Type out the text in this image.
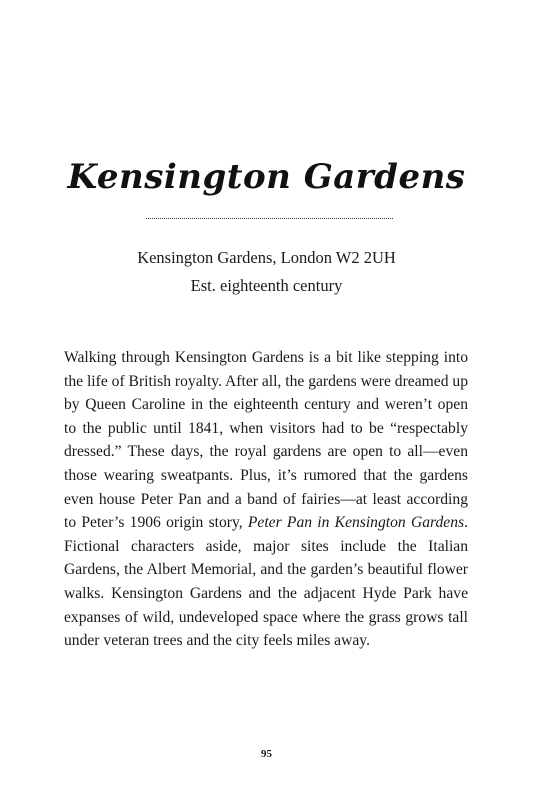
Kensington Gardens
Kensington Gardens, London W2 2UH
Est. eighteenth century

Walking through Kensington Gardens is a bit like stepping into the life of British royalty. After all, the gardens were dreamed up by Queen Caroline in the eighteenth century and weren’t open to the public until 1841, when visitors had to be “respectably dressed.” These days, the royal gardens are open to all—even those wearing sweatpants. Plus, it’s rumored that the gardens even house Peter Pan and a band of fairies—at least according to Peter’s 1906 origin story, Peter Pan in Kensington Gardens. Fictional characters aside, major sites include the Italian Gardens, the Albert Memorial, and the garden’s beautiful flower walks. Kensington Gardens and the adjacent Hyde Park have expanses of wild, undeveloped space where the grass grows tall under veteran trees and the city feels miles away.

95
